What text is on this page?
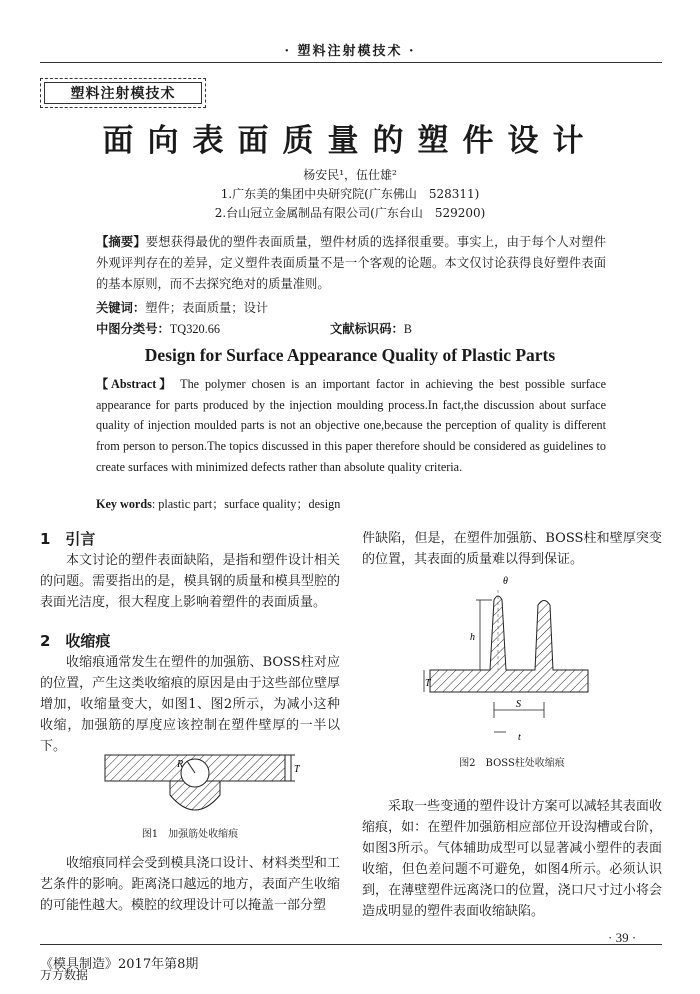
· 塑料注射模技术 ·
塑料注射模技术
面向表面质量的塑件设计
杨安民¹，伍仕雄²
1.广东美的集团中央研究院(广东佛山　528311)
2.台山冠立金属制品有限公司(广东台山　529200)
【摘要】要想获得最优的塑件表面质量，塑件材质的选择很重要。事实上，由于每个人对塑件外观评判存在的差异，定义塑件表面质量不是一个客观的论题。本文仅讨论获得良好塑件表面的基本原则，而不去探究绝对的质量准则。
关键词：塑件；表面质量；设计
中图分类号：TQ320.66	文献标识码：B
Design for Surface Appearance Quality of Plastic Parts
【Abstract】 The polymer chosen is an important factor in achieving the best possible surface appearance for parts produced by the injection moulding process.In fact,the discussion about surface quality of injection moulded parts is not an objective one,because the perception of quality is different from person to person.The topics discussed in this paper therefore should be considered as guidelines to create surfaces with minimized defects rather than absolute quality criteria.
Key words: plastic part；surface quality；design
1　引言
本文讨论的塑件表面缺陷，是指和塑件设计相关的问题。需要指出的是，模具钢的质量和模具型腔的表面光洁度，很大程度上影响着塑件的表面质量。
2　收缩痕
收缩痕通常发生在塑件的加强筋、BOSS柱对应的位置，产生这类收缩痕的原因是由于这些部位壁厚增加，收缩量变大，如图1、图2所示，为减小这种收缩，加强筋的厚度应该控制在塑件壁厚的一半以下。
R	T
图1　加强筋处收缩痕
收缩痕同样会受到模具浇口设计、材料类型和工艺条件的影响。距离浇口越远的地方，表面产生收缩的可能性越大。模腔的纹理设计可以掩盖一部分塑
件缺陷，但是，在塑件加强筋、BOSS柱和壁厚突变的位置，其表面的质量难以得到保证。
θ
h
T
S
t
图2　BOSS柱处收缩痕
采取一些变通的塑件设计方案可以减轻其表面收缩痕，如：在塑件加强筋相应部位开设沟槽或台阶，如图3所示。气体辅助成型可以显著减小塑件的表面收缩，但色差问题不可避免，如图4所示。必须认识到，在薄壁塑件远离浇口的位置，浇口尺寸过小将会造成明显的塑件表面收缩缺陷。
· 39 ·
《模具制造》2017年第8期
万方数据
